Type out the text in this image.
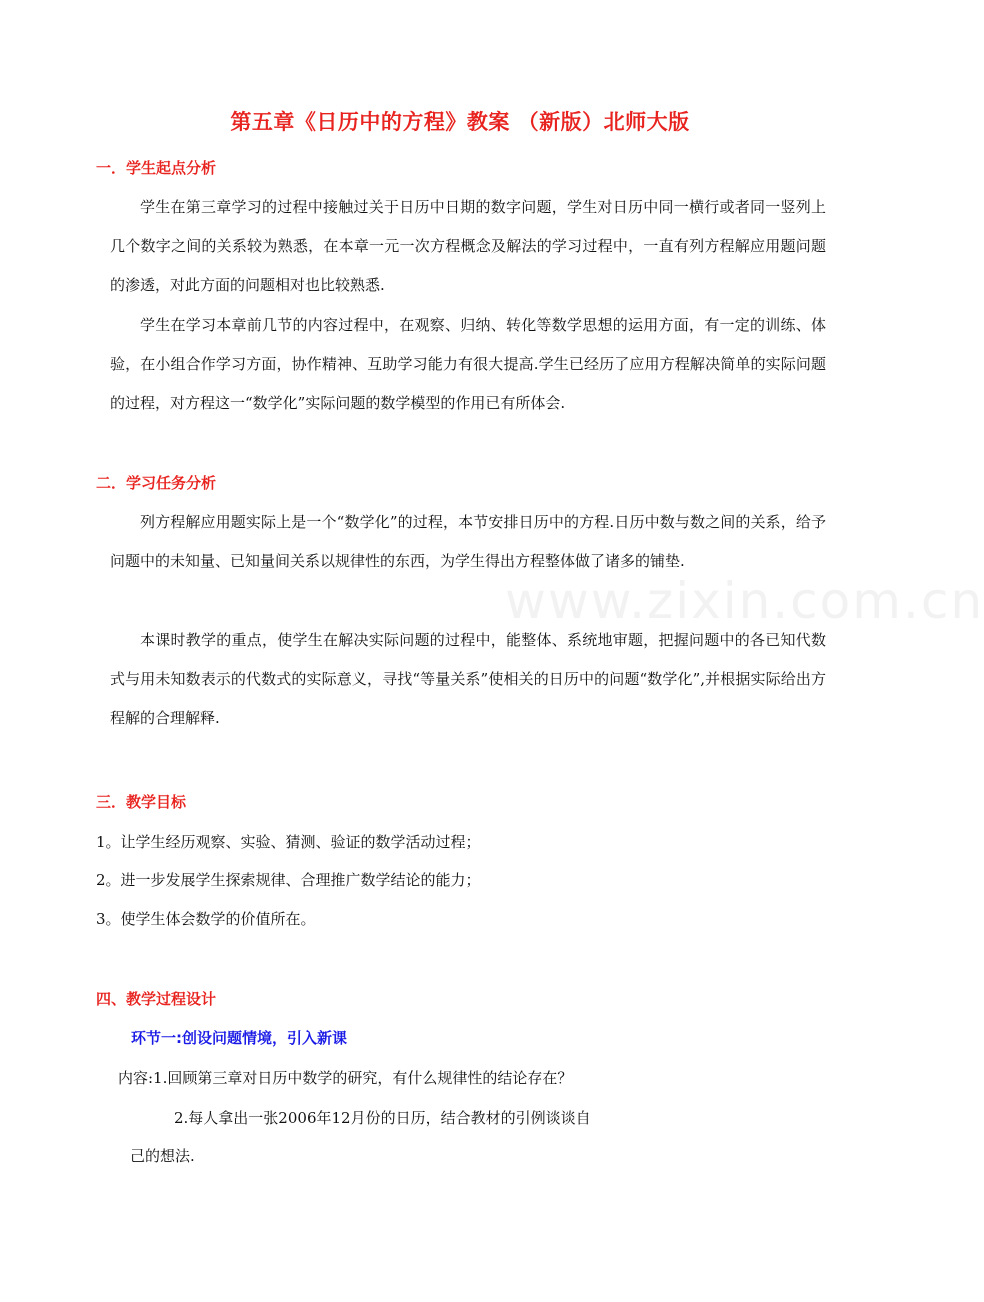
www.zixin.com.cn
第五章《日历中的方程》教案 （新版）北师大版
一．学生起点分析

学生在第三章学习的过程中接触过关于日历中日期的数字问题，学生对日历中同一横行或者同一竖列上几个数字之间的关系较为熟悉，在本章一元一次方程概念及解法的学习过程中，一直有列方程解应用题问题的渗透，对此方面的问题相对也比较熟悉.

学生在学习本章前几节的内容过程中，在观察、归纳、转化等数学思想的运用方面，有一定的训练、体验，在小组合作学习方面，协作精神、互助学习能力有很大提高.学生已经历了应用方程解决简单的实际问题的过程，对方程这一“数学化”实际问题的数学模型的作用已有所体会.

二．学习任务分析

列方程解应用题实际上是一个“数学化”的过程，本节安排日历中的方程.日历中数与数之间的关系，给予问题中的未知量、已知量间关系以规律性的东西，为学生得出方程整体做了诸多的铺垫.

本课时教学的重点，使学生在解决实际问题的过程中，能整体、系统地审题，把握问题中的各已知代数式与用未知数表示的代数式的实际意义，寻找“等量关系”使相关的日历中的问题“数学化”,并根据实际给出方程解的合理解释.

三．教学目标
1。让学生经历观察、实验、猜测、验证的数学活动过程；
2。进一步发展学生探索规律、合理推广数学结论的能力；
3。使学生体会数学的价值所在。
四、教学过程设计
环节一:创设问题情境，引入新课
内容:1.回顾第三章对日历中数学的研究，有什么规律性的结论存在？
2.每人拿出一张2006年12月份的日历，结合教材的引例谈谈自
己的想法.
